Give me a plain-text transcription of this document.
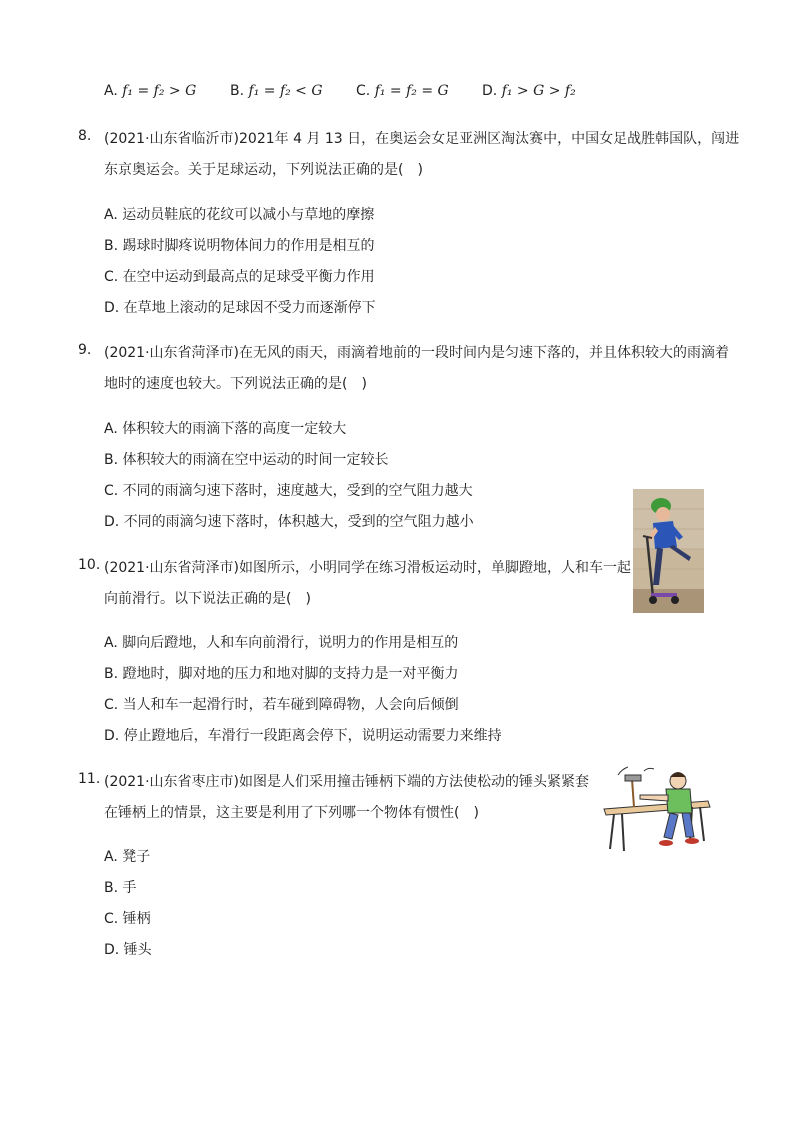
A. f₁ = f₂ > G	B. f₁ = f₂ < G	C. f₁ = f₂ = G	D. f₁ > G > f₂
8. (2021·山东省临沂市)2021年 4 月 13 日，在奥运会女足亚洲区淘汰赛中，中国女足战胜韩国队，闯进
东京奥运会。关于足球运动，下列说法正确的是(　)
A. 运动员鞋底的花纹可以减小与草地的摩擦
B. 踢球时脚疼说明物体间力的作用是相互的
C. 在空中运动到最高点的足球受平衡力作用
D. 在草地上滚动的足球因不受力而逐渐停下
9. (2021·山东省菏泽市)在无风的雨天，雨滴着地前的一段时间内是匀速下落的，并且体积较大的雨滴着
地时的速度也较大。下列说法正确的是(　)
A. 体积较大的雨滴下落的高度一定较大
B. 体积较大的雨滴在空中运动的时间一定较长
C. 不同的雨滴匀速下落时，速度越大，受到的空气阻力越大
D. 不同的雨滴匀速下落时，体积越大，受到的空气阻力越小
10. (2021·山东省菏泽市)如图所示，小明同学在练习滑板运动时，单脚蹬地，人和车一起
向前滑行。以下说法正确的是(　)
A. 脚向后蹬地，人和车向前滑行，说明力的作用是相互的
B. 蹬地时，脚对地的压力和地对脚的支持力是一对平衡力
C. 当人和车一起滑行时，若车碰到障碍物，人会向后倾倒
D. 停止蹬地后，车滑行一段距离会停下，说明运动需要力来维持
11. (2021·山东省枣庄市)如图是人们采用撞击锤柄下端的方法使松动的锤头紧紧套
在锤柄上的情景，这主要是利用了下列哪一个物体有惯性(　)
A. 凳子
B. 手
C. 锤柄
D. 锤头
